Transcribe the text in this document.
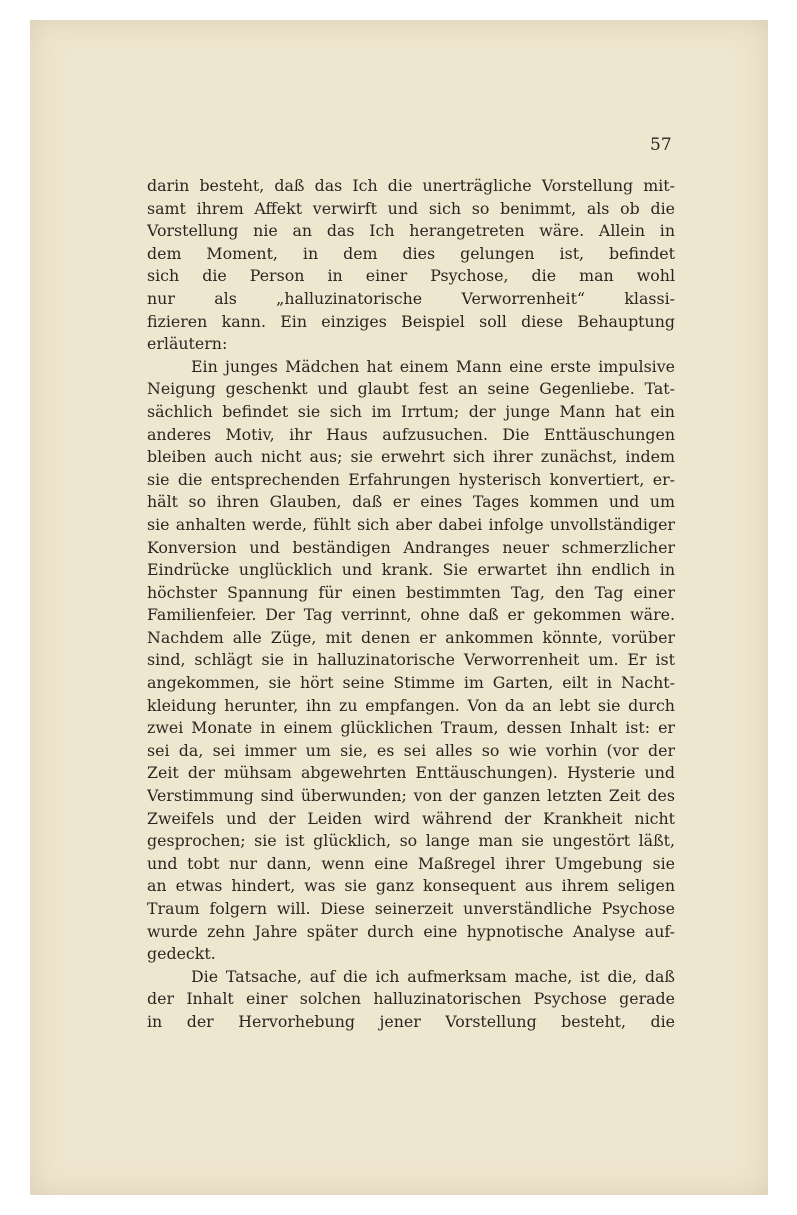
57
darin besteht, daß das Ich die unerträgliche Vorstellung mit-
samt ihrem Affekt verwirft und sich so benimmt, als ob die
Vorstellung nie an das Ich herangetreten wäre. Allein in
dem Moment, in dem dies gelungen ist, befindet
sich die Person in einer Psychose, die man wohl
nur als „halluzinatorische Verworrenheit“ klassi-
fizieren kann. Ein einziges Beispiel soll diese Behauptung
erläutern:
Ein junges Mädchen hat einem Mann eine erste impulsive
Neigung geschenkt und glaubt fest an seine Gegenliebe. Tat-
sächlich befindet sie sich im Irrtum; der junge Mann hat ein
anderes Motiv, ihr Haus aufzusuchen. Die Enttäuschungen
bleiben auch nicht aus; sie erwehrt sich ihrer zunächst, indem
sie die entsprechenden Erfahrungen hysterisch konvertiert, er-
hält so ihren Glauben, daß er eines Tages kommen und um
sie anhalten werde, fühlt sich aber dabei infolge unvollständiger
Konversion und beständigen Andranges neuer schmerzlicher
Eindrücke unglücklich und krank. Sie erwartet ihn endlich in
höchster Spannung für einen bestimmten Tag, den Tag einer
Familienfeier. Der Tag verrinnt, ohne daß er gekommen wäre.
Nachdem alle Züge, mit denen er ankommen könnte, vorüber
sind, schlägt sie in halluzinatorische Verworrenheit um. Er ist
angekommen, sie hört seine Stimme im Garten, eilt in Nacht-
kleidung herunter, ihn zu empfangen. Von da an lebt sie durch
zwei Monate in einem glücklichen Traum, dessen Inhalt ist: er
sei da, sei immer um sie, es sei alles so wie vorhin (vor der
Zeit der mühsam abgewehrten Enttäuschungen). Hysterie und
Verstimmung sind überwunden; von der ganzen letzten Zeit des
Zweifels und der Leiden wird während der Krankheit nicht
gesprochen; sie ist glücklich, so lange man sie ungestört läßt,
und tobt nur dann, wenn eine Maßregel ihrer Umgebung sie
an etwas hindert, was sie ganz konsequent aus ihrem seligen
Traum folgern will. Diese seinerzeit unverständliche Psychose
wurde zehn Jahre später durch eine hypnotische Analyse auf-
gedeckt.
Die Tatsache, auf die ich aufmerksam mache, ist die, daß
der Inhalt einer solchen halluzinatorischen Psychose gerade
in der Hervorhebung jener Vorstellung besteht, die
